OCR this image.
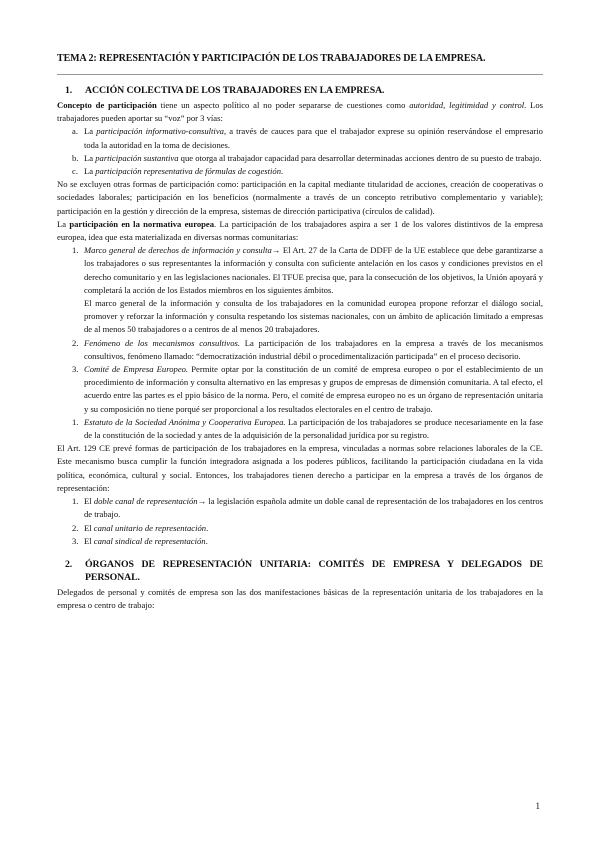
TEMA 2: REPRESENTACIÓN Y PARTICIPACIÓN DE LOS TRABAJADORES DE LA EMPRESA.
1.	ACCIÓN COLECTIVA DE LOS TRABAJADORES EN LA EMPRESA.

Concepto de participación tiene un aspecto político al no poder separarse de cuestiones como autoridad, legitimidad y control. Los trabajadores pueden aportar su “voz” por 3 vías:

a. La participación informativo-consultiva, a través de cauces para que el trabajador exprese su opinión reservándose el empresario toda la autoridad en la toma de decisiones.
b. La participación sustantiva que otorga al trabajador capacidad para desarrollar determinadas acciones dentro de su puesto de trabajo.
c. La participación representativa de fórmulas de cogestión.

No se excluyen otras formas de participación como: participación en la capital mediante titularidad de acciones, creación de cooperativas o sociedades laborales; participación en los beneficios (normalmente a través de un concepto retributivo complementario y variable); participación en la gestión y dirección de la empresa, sistemas de dirección participativa (círculos de calidad).

La participación en la normativa europea. La participación de los trabajadores aspira a ser 1 de los valores distintivos de la empresa europea, idea que esta materializada en diversas normas comunitarias:

1. Marco general de derechos de información y consulta→ El Art. 27 de la Carta de DDFF de la UE establece que debe garantizarse a los trabajadores o sus representantes la información y consulta con suficiente antelación en los casos y condiciones previstos en el derecho comunitario y en las legislaciones nacionales. El TFUE precisa que, para la consecución de los objetivos, la Unión apoyará y completará la acción de los Estados miembros en los siguientes ámbitos.

El marco general de la información y consulta de los trabajadores en la comunidad europea propone reforzar el diálogo social, promover y reforzar la información y consulta respetando los sistemas nacionales, con un ámbito de aplicación limitado a empresas de al menos 50 trabajadores o a centros de al menos 20 trabajadores.

2. Fenómeno de los mecanismos consultivos. La participación de los trabajadores en la empresa a través de los mecanismos consultivos, fenómeno llamado: “democratización industrial débil o procedimentalización participada” en el proceso decisorio.
3. Comité de Empresa Europeo. Permite optar por la constitución de un comité de empresa europeo o por el establecimiento de un procedimiento de información y consulta alternativo en las empresas y grupos de empresas de dimensión comunitaria. A tal efecto, el acuerdo entre las partes es el ppio básico de la norma. Pero, el comité de empresa europeo no es un órgano de representación unitaria y su composición no tiene porqué ser proporcional a los resultados electorales en el centro de trabajo.
1. Estatuto de la Sociedad Anónima y Cooperativa Europea. La participación de los trabajadores se produce necesariamente en la fase de la constitución de la sociedad y antes de la adquisición de la personalidad jurídica por su registro.

El Art. 129 CE prevé formas de participación de los trabajadores en la empresa, vinculadas a normas sobre relaciones laborales de la CE. Este mecanismo busca cumplir la función integradora asignada a los poderes públicos, facilitando la participación ciudadana en la vida política, económica, cultural y social. Entonces, los trabajadores tienen derecho a participar en la empresa a través de los órganos de representación:

1. El doble canal de representación→ la legislación española admite un doble canal de representación de los trabajadores en los centros de trabajo.
2. El canal unitario de representación.
3. El canal sindical de representación.
2.	ÓRGANOS DE REPRESENTACIÓN UNITARIA: COMITÉS DE EMPRESA Y DELEGADOS DE PERSONAL.

Delegados de personal y comités de empresa son las dos manifestaciones básicas de la representación unitaria de los trabajadores en la empresa o centro de trabajo:

1
